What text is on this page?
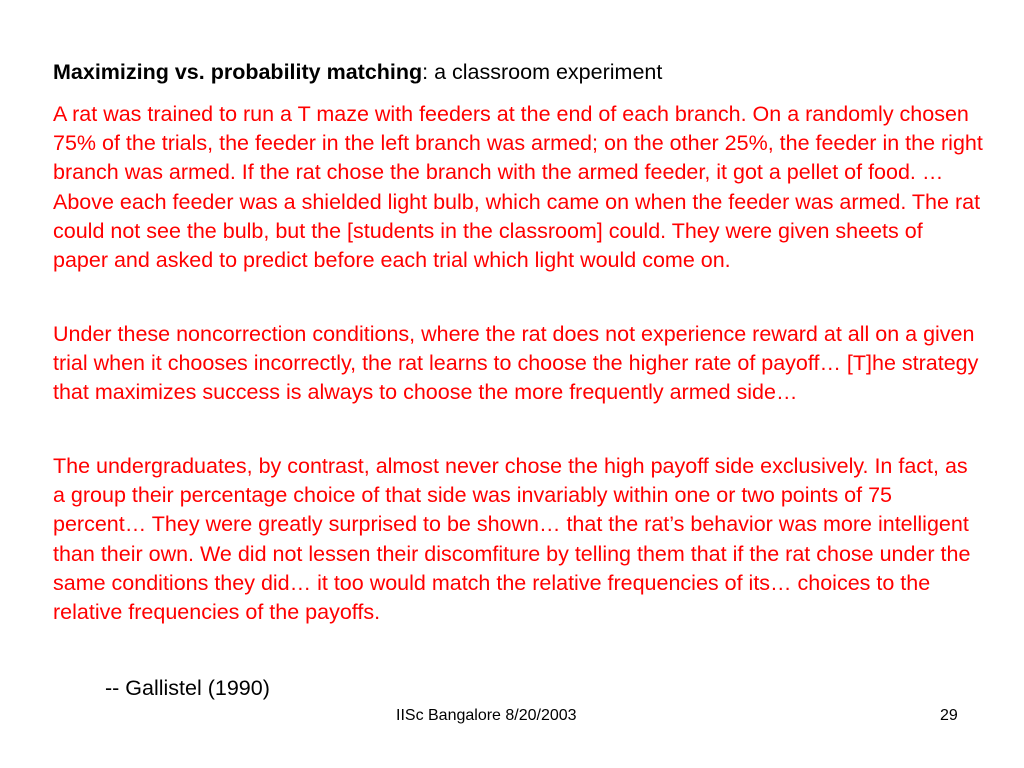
Maximizing vs. probability matching: a classroom experiment

A rat was trained to run a T maze with feeders at the end of each branch. On a randomly chosen 75% of the trials, the feeder in the left branch was armed; on the other 25%, the feeder in the right branch was armed. If the rat chose the branch with the armed feeder, it got a pellet of food. … Above each feeder was a shielded light bulb, which came on when the feeder was armed. The rat could not see the bulb, but the [students in the classroom] could. They were given sheets of paper and asked to predict before each trial which light would come on.

Under these noncorrection conditions, where the rat does not experience reward at all on a given trial when it chooses incorrectly, the rat learns to choose the higher rate of payoff… [T]he strategy that maximizes success is always to choose the more frequently armed side…

The undergraduates, by contrast, almost never chose the high payoff side exclusively. In fact, as a group their percentage choice of that side was invariably within one or two points of 75 percent… They were greatly surprised to be shown… that the rat’s behavior was more intelligent than their own. We did not lessen their discomfiture by telling them that if the rat chose under the same conditions they did… it too would match the relative frequencies of its… choices to the relative frequencies of the payoffs.

-- Gallistel (1990)

IISc Bangalore 8/20/2003	29
